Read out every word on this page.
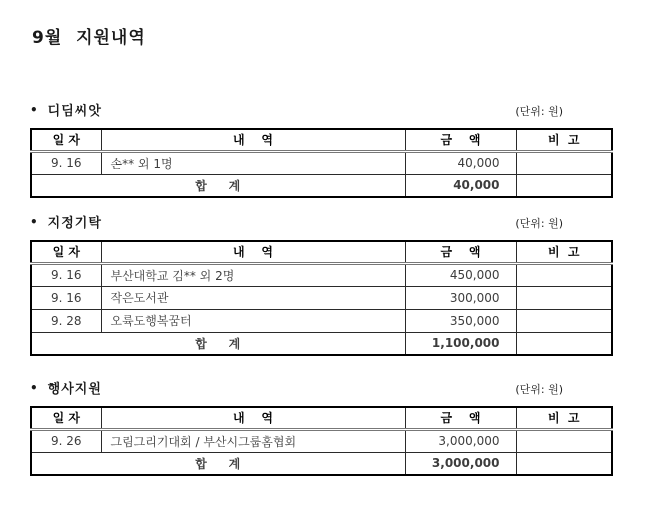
9월  지원내역
• 디딤씨앗	(단위: 원)
일 자	내    역	금    액	비  고
9. 16	손** 외 1명	40,000	
합    계		40,000	
• 지정기탁	(단위: 원)
일 자	내    역	금    액	비  고
9. 16	부산대학교 김** 외 2명	450,000	
9. 16	작은도서관	300,000	
9. 28	오륙도행복꿈터	350,000	
합    계		1,100,000	
• 행사지원	(단위: 원)
일 자	내    역	금    액	비  고
9. 26	그림그리기대회 / 부산시그룹홈협회	3,000,000	
합    계		3,000,000	
